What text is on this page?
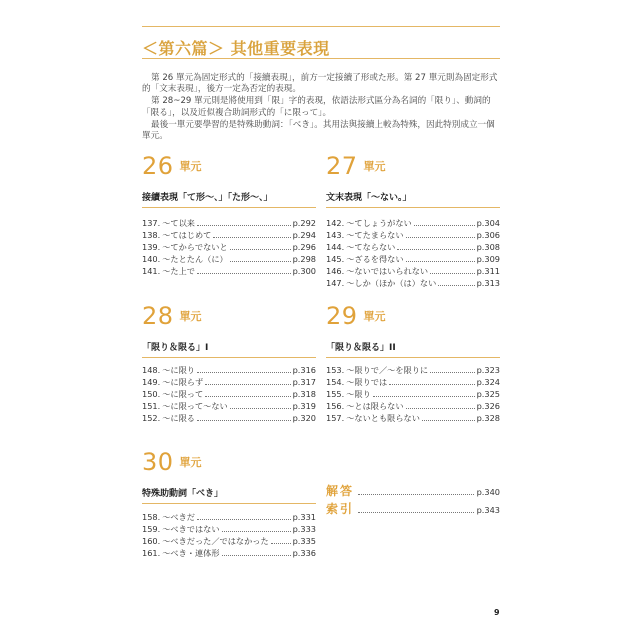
＜第六篇＞ 其他重要表現

第 26 單元為固定形式的「接續表現」，前方一定接續了形或た形。第 27 單元則為固定形式的「文末表現」，後方一定為否定的表現。

第 28~29 單元則是將使用到「限」字的表現，依語法形式區分為名詞的「限り」、動詞的「限る」，以及近似複合助詞形式的「に限って」。

最後一單元要學習的是特殊助動詞：「べき」。其用法與接續上較為特殊，因此特別成立一個單元。

26 $^{單元}$
接續表現「て形～、」「た形～、」
137. ～て以来	p.292
138. ～てはじめて	p.294
139. ～てからでないと	p.296
140. ～たとたん（に）	p.298
141. ～た上で	p.300
27 $^{單元}$
文末表現「～ない。」
142. ～てしょうがない	p.304
143. ～てたまらない	p.306
144. ～てならない	p.308
145. ～ざるを得ない	p.309
146. ～ないではいられない	p.311
147. ～しか（ほか（は）ない	p.313
28 $^{單元}$
「限り＆限る」I
148. ～に限り	p.316
149. ～に限らず	p.317
150. ～に限って	p.318
151. ～に限って～ない	p.319
152. ～に限る	p.320
29 $^{單元}$
「限り＆限る」II
153. ～限りで／～を限りに	p.323
154. ～限りでは	p.324
155. ～限り	p.325
156. ～とは限らない	p.326
157. ～ないとも限らない	p.328
30 $^{單元}$
特殊助動詞「べき」
158. ～べきだ	p.331
159. ～べきではない	p.333
160. ～べきだった／ではなかった	p.335
161. ～べき・連体形	p.336
解答	p.340
索引	p.343
9
